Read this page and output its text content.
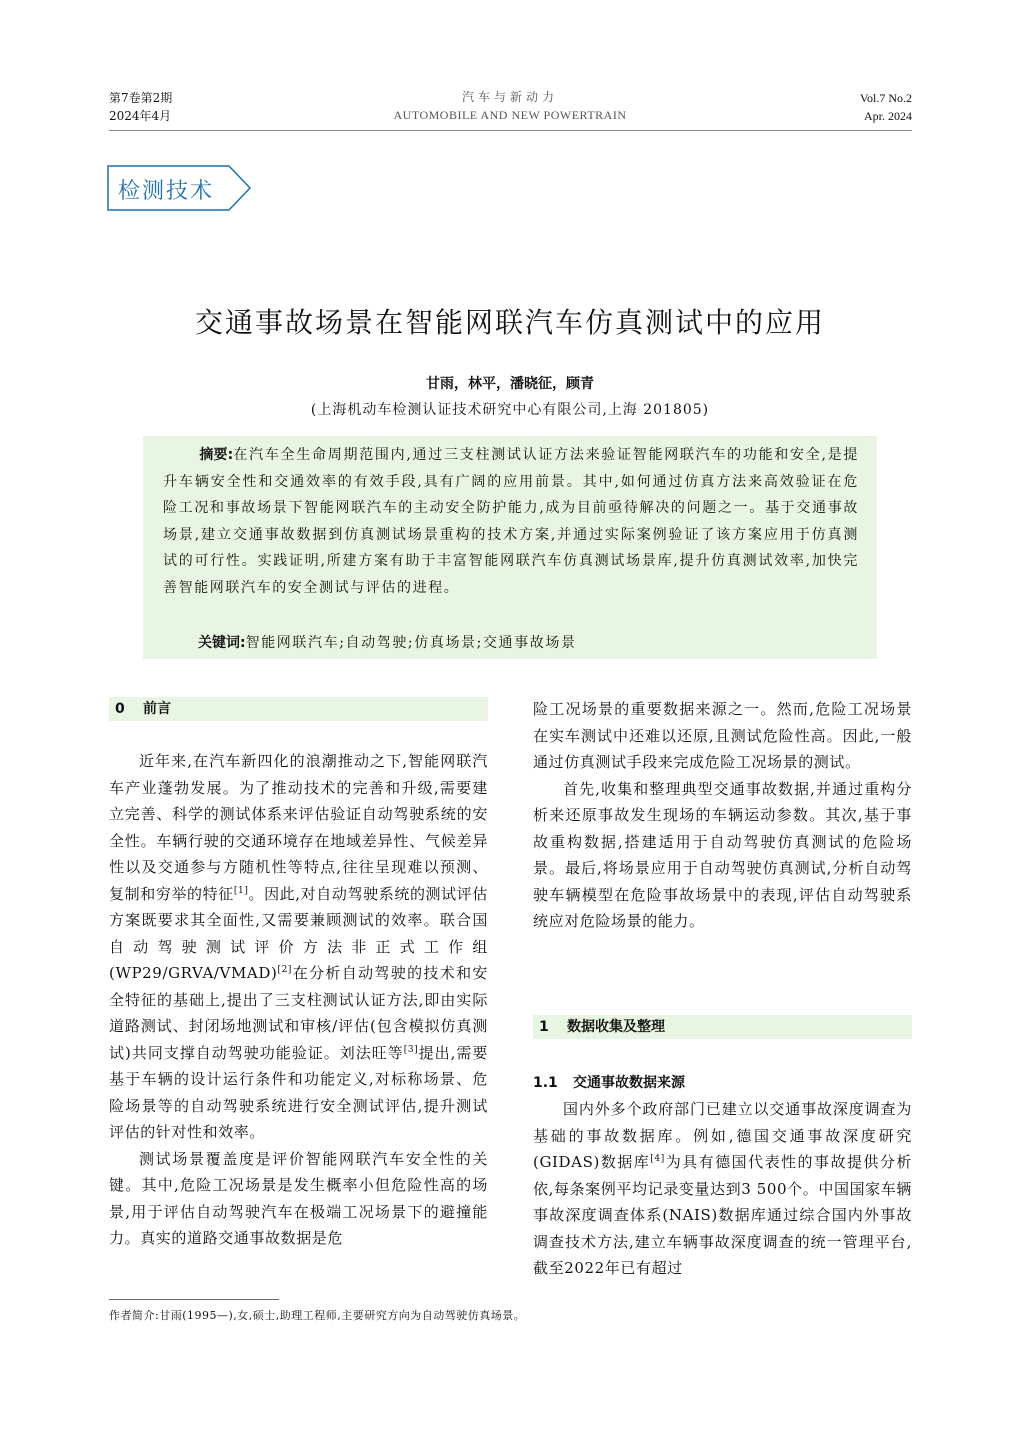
第7卷第2期
2024年4月
汽车与新动力
AUTOMOBILE AND NEW POWERTRAIN
Vol.7 No.2
Apr. 2024
检测技术
交通事故场景在智能网联汽车仿真测试中的应用
甘雨，林平，潘晓征，顾青
(上海机动车检测认证技术研究中心有限公司,上海 201805)
摘要:在汽车全生命周期范围内,通过三支柱测试认证方法来验证智能网联汽车的功能和安全,是提升车辆安全性和交通效率的有效手段,具有广阔的应用前景。其中,如何通过仿真方法来高效验证在危险工况和事故场景下智能网联汽车的主动安全防护能力,成为目前亟待解决的问题之一。基于交通事故场景,建立交通事故数据到仿真测试场景重构的技术方案,并通过实际案例验证了该方案应用于仿真测试的可行性。实践证明,所建方案有助于丰富智能网联汽车仿真测试场景库,提升仿真测试效率,加快完善智能网联汽车的安全测试与评估的进程。
关键词:智能网联汽车;自动驾驶;仿真场景;交通事故场景
0 前言

近年来,在汽车新四化的浪潮推动之下,智能网联汽车产业蓬勃发展。为了推动技术的完善和升级,需要建立完善、科学的测试体系来评估验证自动驾驶系统的安全性。车辆行驶的交通环境存在地域差异性、气候差异性以及交通参与方随机性等特点,往往呈现难以预测、复制和穷举的特征[1]。因此,对自动驾驶系统的测试评估方案既要求其全面性,又需要兼顾测试的效率。联合国自动驾驶测试评价方法非正式工作组(WP29/GRVA/VMAD)[2]在分析自动驾驶的技术和安全特征的基础上,提出了三支柱测试认证方法,即由实际道路测试、封闭场地测试和审核/评估(包含模拟仿真测试)共同支撑自动驾驶功能验证。刘法旺等[3]提出,需要基于车辆的设计运行条件和功能定义,对标称场景、危险场景等的自动驾驶系统进行安全测试评估,提升测试评估的针对性和效率。

测试场景覆盖度是评价智能网联汽车安全性的关键。其中,危险工况场景是发生概率小但危险性高的场景,用于评估自动驾驶汽车在极端工况场景下的避撞能力。真实的道路交通事故数据是危

险工况场景的重要数据来源之一。然而,危险工况场景在实车测试中还难以还原,且测试危险性高。因此,一般通过仿真测试手段来完成危险工况场景的测试。

首先,收集和整理典型交通事故数据,并通过重构分析来还原事故发生现场的车辆运动参数。其次,基于事故重构数据,搭建适用于自动驾驶仿真测试的危险场景。最后,将场景应用于自动驾驶仿真测试,分析自动驾驶车辆模型在危险事故场景中的表现,评估自动驾驶系统应对危险场景的能力。

1 数据收集及整理
1.1 交通事故数据来源

国内外多个政府部门已建立以交通事故深度调查为基础的事故数据库。例如,德国交通事故深度研究(GIDAS)数据库[4]为具有德国代表性的事故提供分析依,每条案例平均记录变量达到3 500个。中国国家车辆事故深度调查体系(NAIS)数据库通过综合国内外事故调查技术方法,建立车辆事故深度调查的统一管理平台,截至2022年已有超过

作者简介:甘雨(1995—),女,硕士,助理工程师,主要研究方向为自动驾驶仿真场景。
